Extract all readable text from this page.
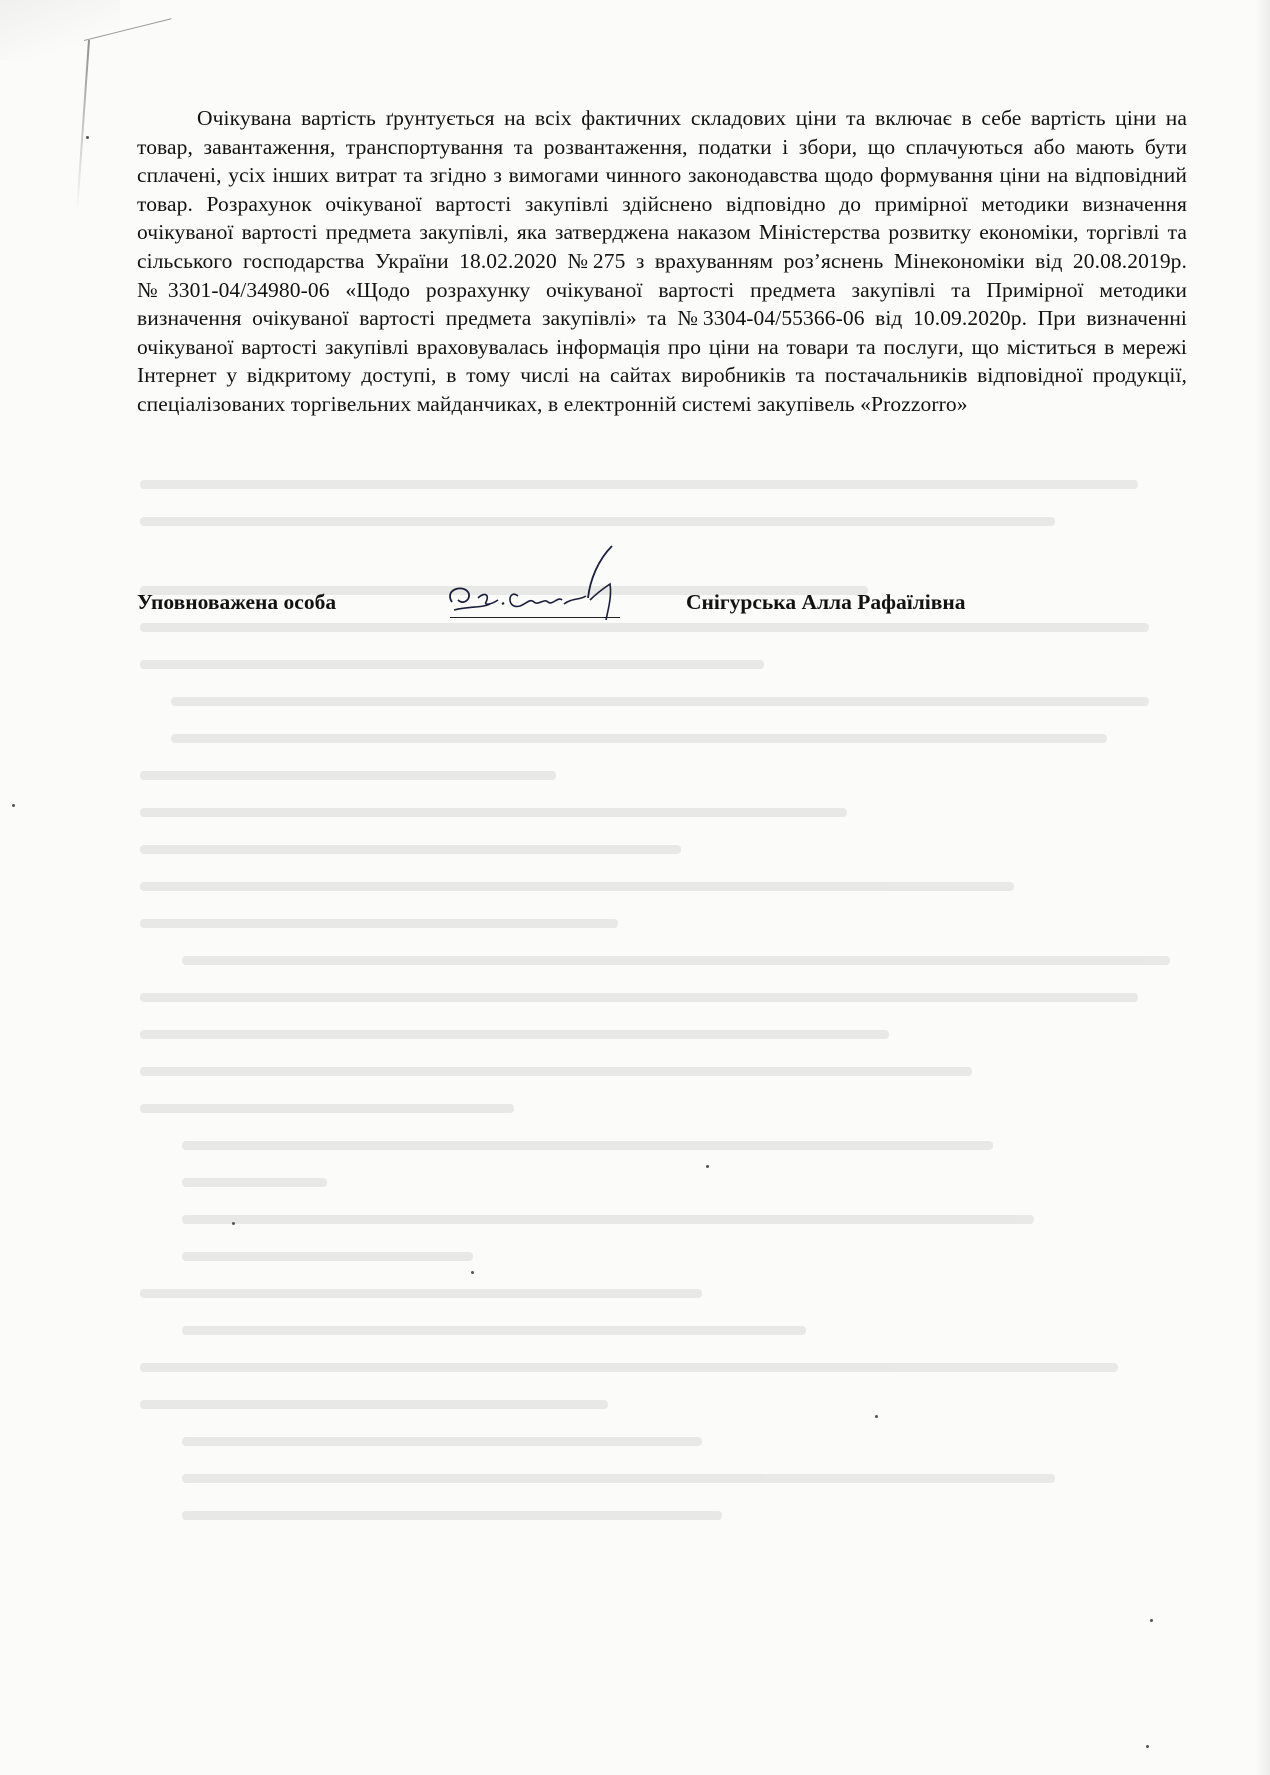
Очікувана вартість ґрунтується на всіх фактичних складових ціни та включає в себе вартість ціни на товар, завантаження, транспортування та розвантаження, податки і збори, що сплачуються або мають бути сплачені, усіх інших витрат та згідно з вимогами чинного законодавства щодо формування ціни на відповідний товар. Розрахунок очікуваної вартості закупівлі здійснено відповідно до примірної методики визначення очікуваної вартості предмета закупівлі, яка затверджена наказом Міністерства розвитку економіки, торгівлі та сільського господарства України 18.02.2020 №275 з врахуванням роз’яснень Мінекономіки від 20.08.2019р. №3301-04/34980-06 «Щодо розрахунку очікуваної вартості предмета закупівлі та Примірної методики визначення очікуваної вартості предмета закупівлі» та №3304-04/55366-06 від 10.09.2020р. При визначенні очікуваної вартості закупівлі враховувалась інформація про ціни на товари та послуги, що міститься в мережі Інтернет у відкритому доступі, в тому числі на сайтах виробників та постачальників відповідної продукції, спеціалізованих торгівельних майданчиках, в електронній системі закупівель «Prozzorro»

Уповноважена особа	Снігурська Алла Рафаїлівна
